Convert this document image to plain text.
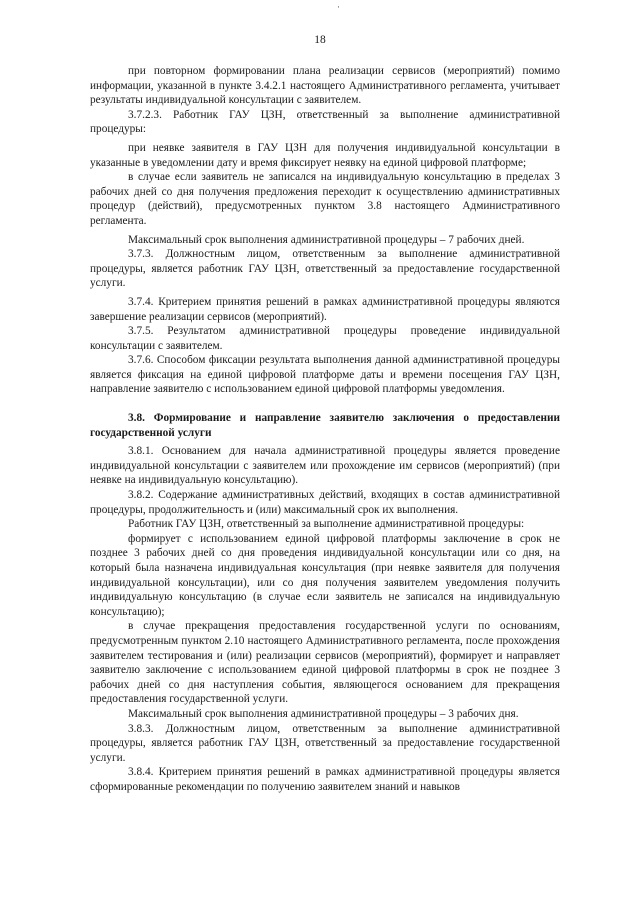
·
18

при повторном формировании плана реализации сервисов (мероприятий) помимо информации, указанной в пункте 3.4.2.1 настоящего Административного регламента, учитывает результаты индивидуальной консультации с заявителем.

3.7.2.3. Работник ГАУ ЦЗН, ответственный за выполнение административной процедуры:

при неявке заявителя в ГАУ ЦЗН для получения индивидуальной консультации в указанные в уведомлении дату и время фиксирует неявку на единой цифровой платформе;

в случае если заявитель не записался на индивидуальную консультацию в пределах 3 рабочих дней со дня получения предложения переходит к осуществлению административных процедур (действий), предусмотренных пунктом 3.8 настоящего Административного регламента.

Максимальный срок выполнения административной процедуры – 7 рабочих дней.

3.7.3. Должностным лицом, ответственным за выполнение административной процедуры, является работник ГАУ ЦЗН, ответственный за предоставление государственной услуги.

3.7.4. Критерием принятия решений в рамках административной процедуры являются завершение реализации сервисов (мероприятий).

3.7.5. Результатом административной процедуры проведение индивидуальной консультации с заявителем.

3.7.6. Способом фиксации результата выполнения данной административной процедуры является фиксация на единой цифровой платформе даты и времени посещения ГАУ ЦЗН, направление заявителю с использованием единой цифровой платформы уведомления.

3.8. Формирование и направление заявителю заключения о предоставлении государственной услуги

3.8.1. Основанием для начала административной процедуры является проведение индивидуальной консультации с заявителем или прохождение им сервисов (мероприятий) (при неявке на индивидуальную консультацию).

3.8.2. Содержание административных действий, входящих в состав административной процедуры, продолжительность и (или) максимальный срок их выполнения.

Работник ГАУ ЦЗН, ответственный за выполнение административной процедуры:

формирует с использованием единой цифровой платформы заключение в срок не позднее 3 рабочих дней со дня проведения индивидуальной консультации или со дня, на который была назначена индивидуальная консультация (при неявке заявителя для получения индивидуальной консультации), или со дня получения заявителем уведомления получить индивидуальную консультацию (в случае если заявитель не записался на индивидуальную консультацию);

в случае прекращения предоставления государственной услуги по основаниям, предусмотренным пунктом 2.10 настоящего Административного регламента, после прохождения заявителем тестирования и (или) реализации сервисов (мероприятий), формирует и направляет заявителю заключение с использованием единой цифровой платформы в срок не позднее 3 рабочих дней со дня наступления события, являющегося основанием для прекращения предоставления государственной услуги.

Максимальный срок выполнения административной процедуры – 3 рабочих дня.

3.8.3. Должностным лицом, ответственным за выполнение административной процедуры, является работник ГАУ ЦЗН, ответственный за предоставление государственной услуги.

3.8.4. Критерием принятия решений в рамках административной процедуры является сформированные рекомендации по получению заявителем знаний и навыков
